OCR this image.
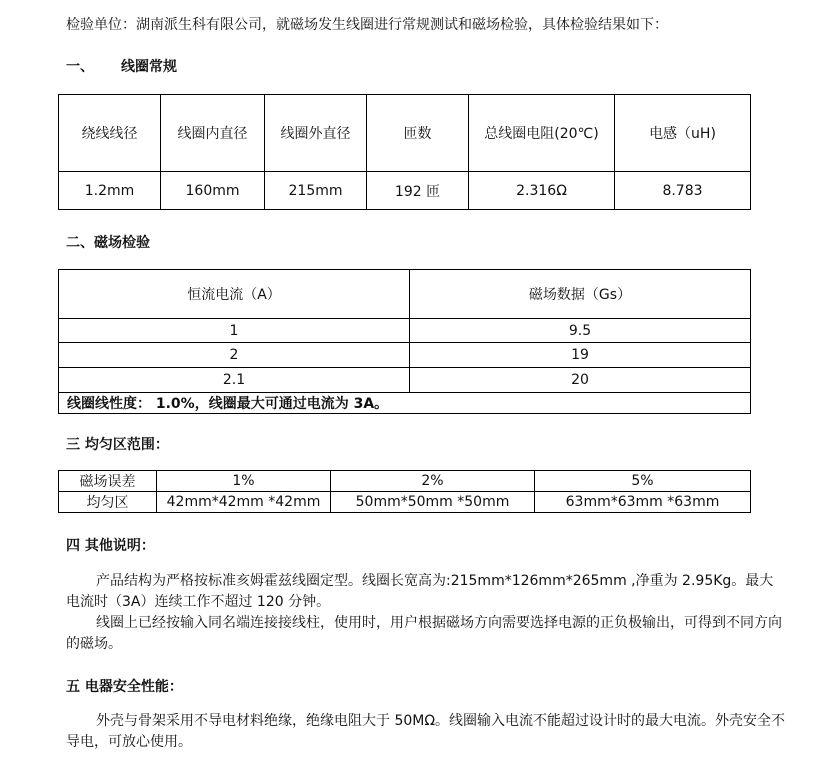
检验单位：湖南派生科有限公司，就磁场发生线圈进行常规测试和磁场检验，具体检验结果如下：
一、 线圈常规
绕线线径	线圈内直径	线圈外直径	匝数	总线圈电阻(20℃)	电感（uH)
1.2mm	160mm	215mm	192 匝	2.316Ω	8.783
二、磁场检验
恒流电流（A）	磁场数据（Gs）
1	9.5
2	19
2.1	20
线圈线性度： 1.0%，线圈最大可通过电流为 3A。	
三 均匀区范围：
磁场误差	1%	2%	5%
均匀区	42mm*42mm *42mm	50mm*50mm *50mm	63mm*63mm *63mm
四 其他说明：
产品结构为严格按标准亥姆霍兹线圈定型。线圈长宽高为:215mm*126mm*265mm ,净重为 2.95Kg。最大电流时（3A）连续工作不超过 120 分钟。
线圈上已经按输入同名端连接接线柱，使用时，用户根据磁场方向需要选择电源的正负极输出，可得到不同方向的磁场。
五 电器安全性能：
外壳与骨架采用不导电材料绝缘，绝缘电阻大于 50MΩ。线圈输入电流不能超过设计时的最大电流。外壳安全不导电，可放心使用。
